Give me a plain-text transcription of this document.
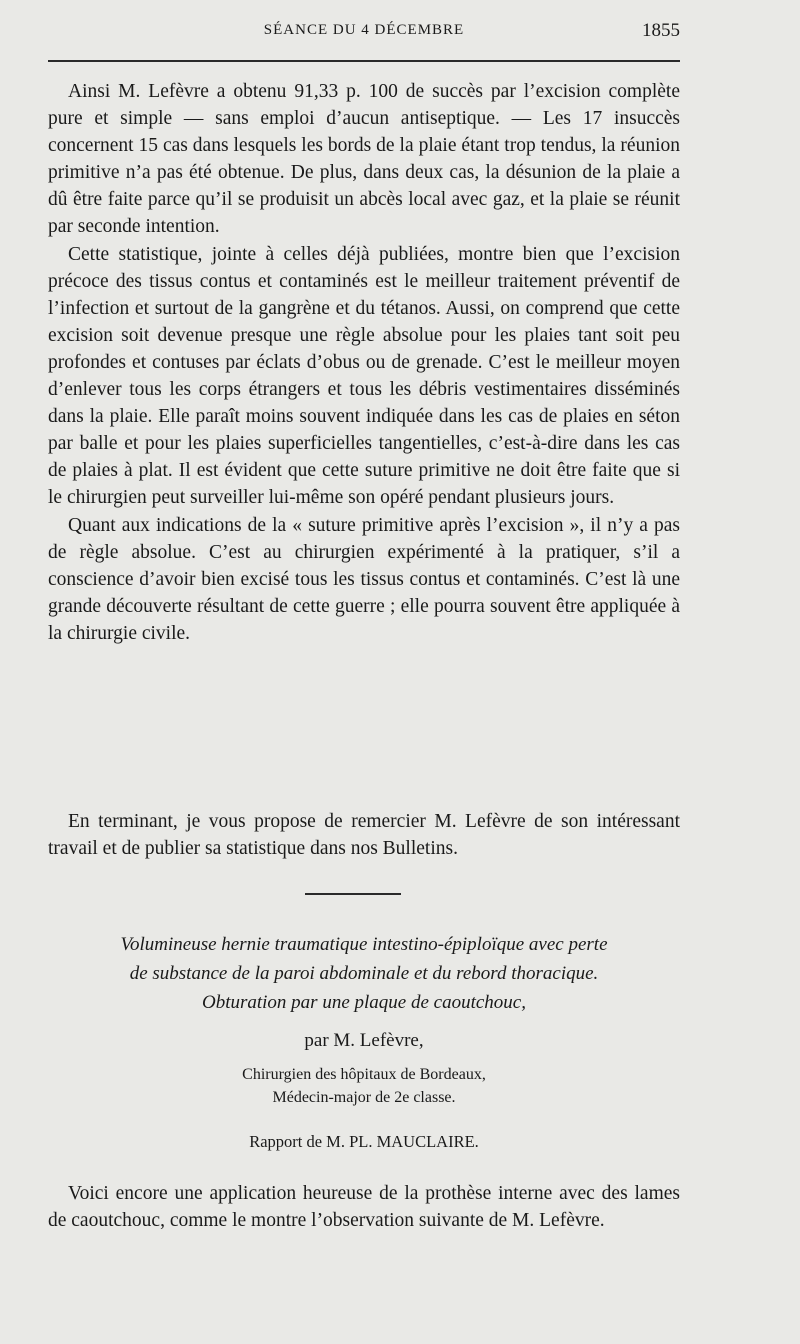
SÉANCE DU 4 DÉCEMBRE	1855

Ainsi M. Lefèvre a obtenu 91,33 p. 100 de succès par l’excision complète pure et simple — sans emploi d’aucun antiseptique. — Les 17 insuccès concernent 15 cas dans lesquels les bords de la plaie étant trop tendus, la réunion primitive n’a pas été obtenue. De plus, dans deux cas, la désunion de la plaie a dû être faite parce qu’il se produisit un abcès local avec gaz, et la plaie se réunit par seconde intention.

Cette statistique, jointe à celles déjà publiées, montre bien que l’excision précoce des tissus contus et contaminés est le meilleur traitement préventif de l’infection et surtout de la gangrène et du tétanos. Aussi, on comprend que cette excision soit devenue presque une règle absolue pour les plaies tant soit peu profondes et contuses par éclats d’obus ou de grenade. C’est le meilleur moyen d’enlever tous les corps étrangers et tous les débris vestimentaires disséminés dans la plaie. Elle paraît moins souvent indiquée dans les cas de plaies en séton par balle et pour les plaies superficielles tangentielles, c’est-à-dire dans les cas de plaies à plat. Il est évident que cette suture primitive ne doit être faite que si le chirurgien peut surveiller lui-même son opéré pendant plusieurs jours.

Quant aux indications de la « suture primitive après l’excision », il n’y a pas de règle absolue. C’est au chirurgien expérimenté à la pratiquer, s’il a conscience d’avoir bien excisé tous les tissus contus et contaminés. C’est là une grande découverte résultant de cette guerre ; elle pourra souvent être appliquée à la chirurgie civile.

En terminant, je vous propose de remercier M. Lefèvre de son intéressant travail et de publier sa statistique dans nos Bulletins.

Volumineuse hernie traumatique intestino-épiploïque avec perte
de substance de la paroi abdominale et du rebord thoracique.
Obturation par une plaque de caoutchouc,
par M. Lefèvre,
Chirurgien des hôpitaux de Bordeaux,
Médecin-major de 2e classe.
Rapport de M. PL. MAUCLAIRE.

Voici encore une application heureuse de la prothèse interne avec des lames de caoutchouc, comme le montre l’observation suivante de M. Lefèvre.
